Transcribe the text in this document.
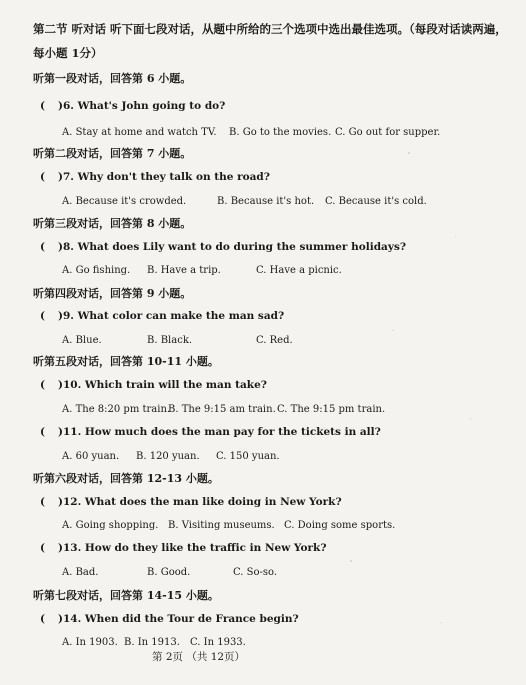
第二节 听对话 听下面七段对话，从题中所给的三个选项中选出最佳选项。（每段对话读两遍，
每小题 1分）
听第一段对话，回答第 6 小题。
( )6. What's John going to do?
A. Stay at home and watch TV. B. Go to the movies. C. Go out for supper.
听第二段对话，回答第 7 小题。
( )7. Why don't they talk on the road?
A. Because it's crowded.	B. Because it's hot. C. Because it's cold.
听第三段对话，回答第 8 小题。
( )8. What does Lily want to do during the summer holidays?
A. Go fishing. B. Have a trip.	C. Have a picnic.
听第四段对话，回答第 9 小题。
( )9. What color can make the man sad?
A. Blue.	B. Black.	C. Red.
听第五段对话，回答第 10-11 小题。
( )10. Which train will the man take?
A. The 8:20 pm train.
B. The 9:15 am train. C. The 9:15 pm train.
( )11. How much does the man pay for the tickets in all?
A. 60 yuan. B. 120 yuan. C. 150 yuan.
听第六段对话，回答第 12-13 小题。
( )12. What does the man like doing in New York?
A. Going shopping. B. Visiting museums. C. Doing some sports.
( )13. How do they like the traffic in New York?
A. Bad.	B. Good.	C. So-so.
听第七段对话，回答第 14-15 小题。
( )14. When did the Tour de France begin?
A. In 1903. B. In 1913. C. In 1933.
第 2页 （共 12页）
